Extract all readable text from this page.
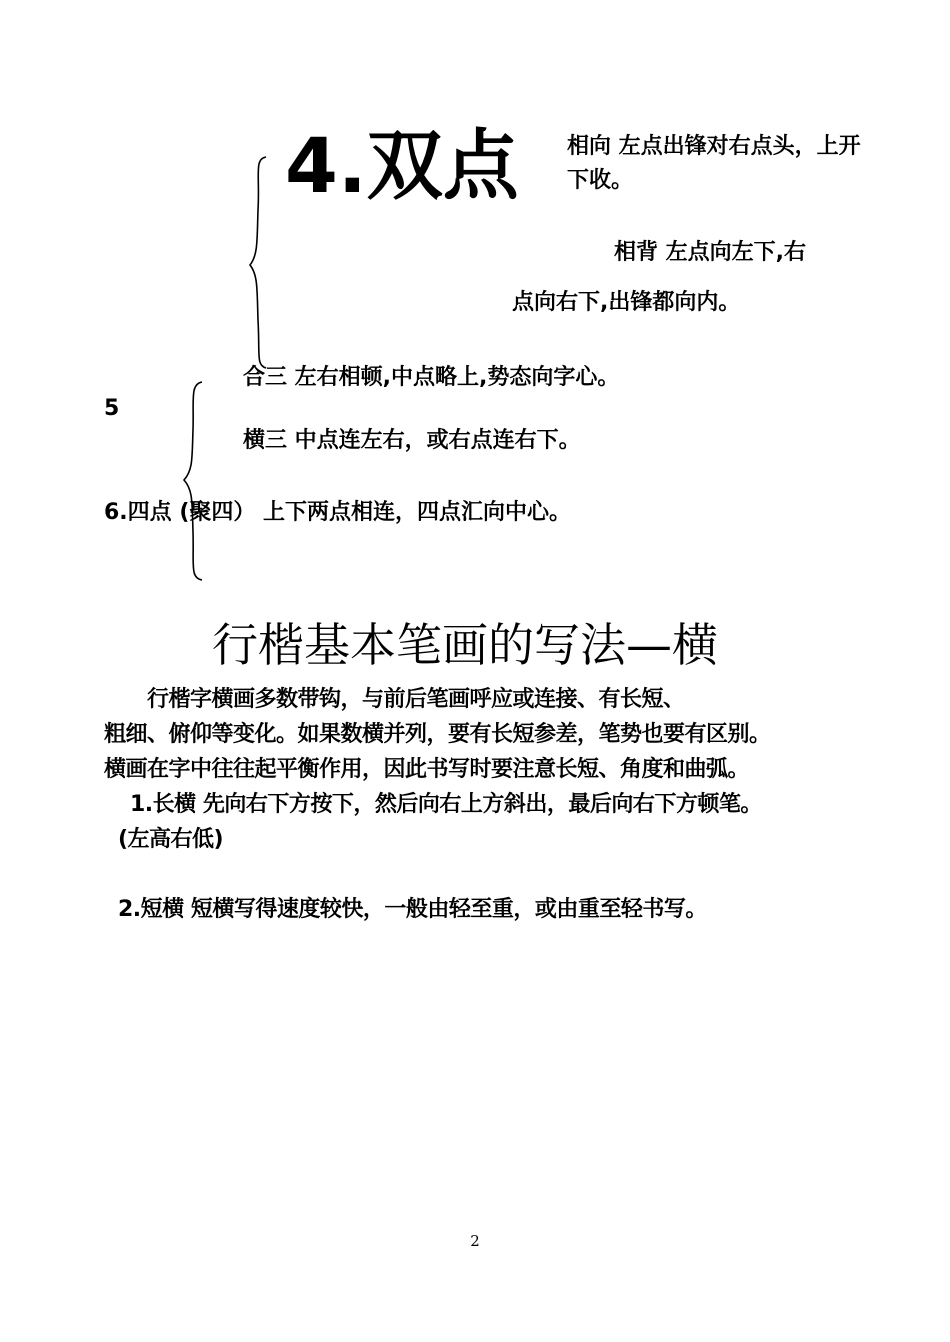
4.双点 相向 左点出锋对右点头，上开下收。
相背 左点向左下,右
点向右下,出锋都向内。
合三 左右相顿,中点略上,势态向字心。
5
横三 中点连左右，或右点连右下。
6.四点 (聚四） 上下两点相连，四点汇向中心。
行楷基本笔画的写法—横

　　行楷字横画多数带钩，与前后笔画呼应或连接、有长短、

粗细、俯仰等变化。如果数横并列，要有长短参差，笔势也要有区别。

横画在字中往往起平衡作用，因此书写时要注意长短、角度和曲弧。

1.长横 先向右下方按下，然后向右上方斜出，最后向右下方顿笔。

(左高右低)

2.短横 短横写得速度较快，一般由轻至重，或由重至轻书写。

2
